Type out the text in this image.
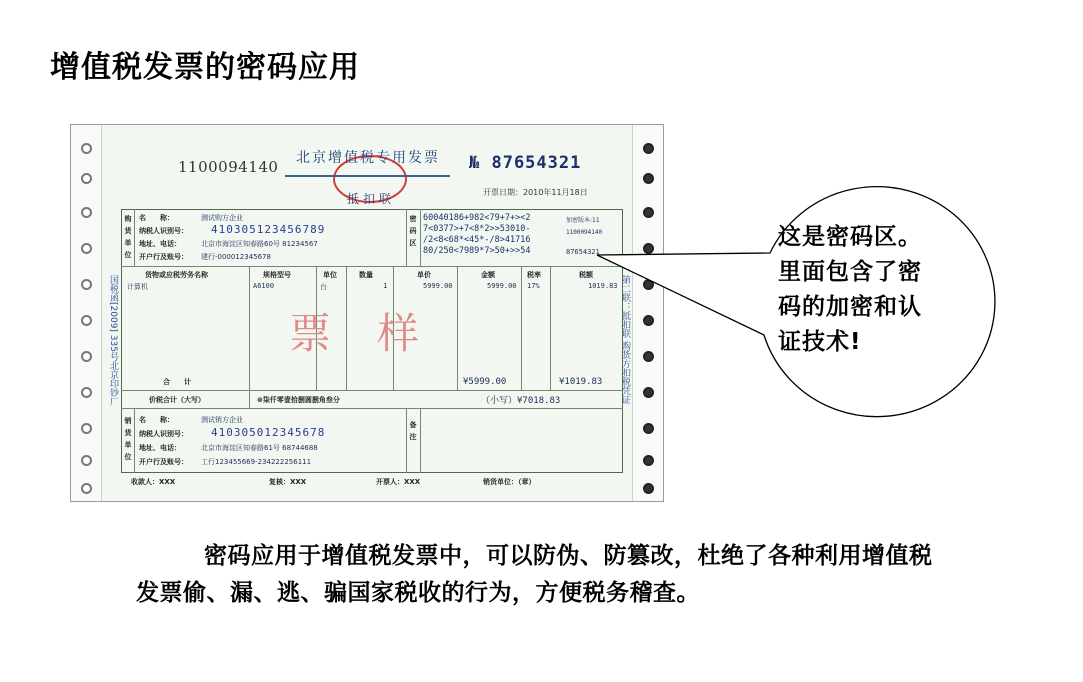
增值税发票的密码应用
国税函[2009] 335号北京印钞厂	第二联：抵扣联 购货方扣税凭证
1100094140 北京增值税专用发票
抵扣联
№ 87654321
开票日期：2010年11月18日
购货单位
名　　称：	测试购方企业
纳税人识别号： 410305123456789
地址、电话：	北京市海淀区知春路60号 81234567
开户行及账号： 建行-000012345678
密码区
60040186+982<79+7+><2
7<0377>+7<8*2>>53010-
/2<8<68*<45*-/8>41716
80/250<7989*7>50+>>54
加密版本:11
1100094140
87654321
货物或应税劳务名称	规格型号	单位	数量	单价	金额	税率	税额
计算机	A6100	台	1	5999.00	5999.00 17%	1019.83
票　样
合　　计	¥5999.00	¥1019.83
价税合计（大写）	⊗柒仟零壹拾捌圆捌角叁分	（小写）¥7018.83
销货单位
名　　称：	测试销方企业
纳税人识别号： 410305012345678
地址、电话：	北京市海淀区知春路61号 68744688
开户行及账号： 工行123455669-234222256111
备注
收款人：XXX	复核：XXX	开票人：XXX	销货单位：（章）
这是密码区。
里面包含了密
码的加密和认
证技术!
密码应用于增值税发票中，可以防伪、防篡改，杜绝了各种利用增值税发票偷、漏、逃、骗国家税收的行为，方便税务稽查。
